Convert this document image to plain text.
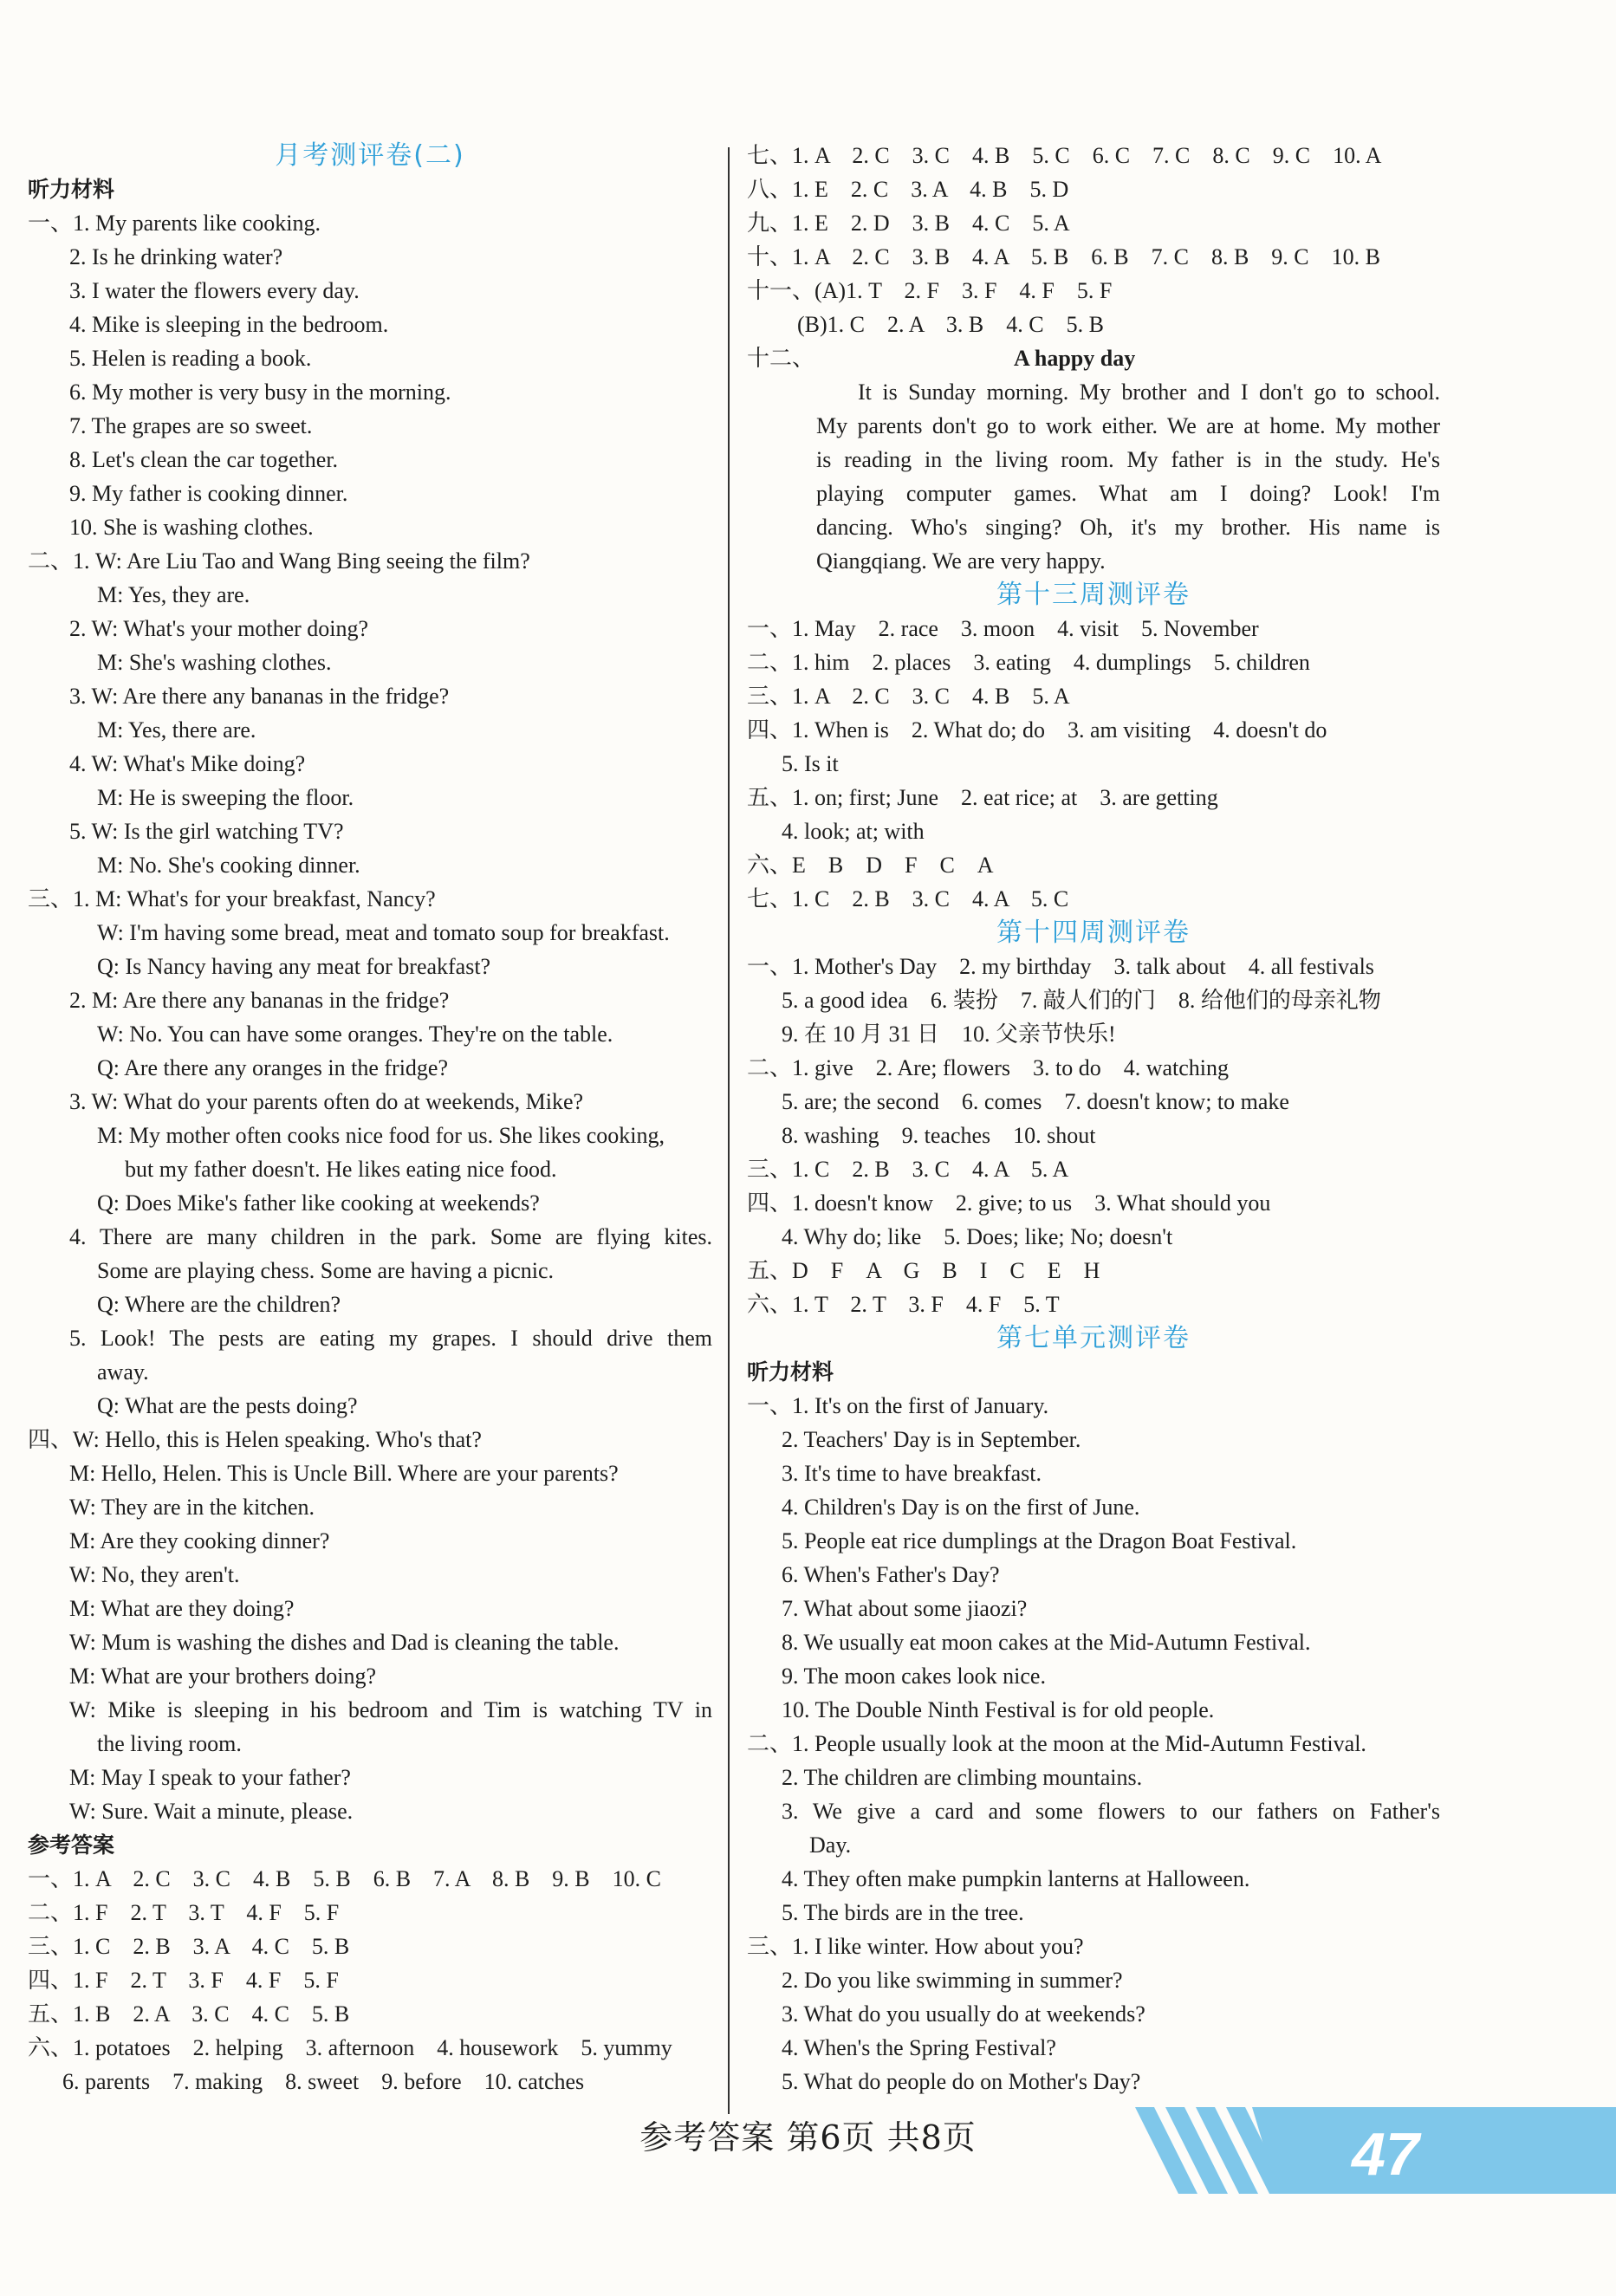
月考测评卷(二)
听力材料
一、1. My parents like cooking.
2. Is he drinking water?
3. I water the flowers every day.
4. Mike is sleeping in the bedroom.
5. Helen is reading a book.
6. My mother is very busy in the morning.
7. The grapes are so sweet.
8. Let's clean the car together.
9. My father is cooking dinner.
10. She is washing clothes.
二、1. W: Are Liu Tao and Wang Bing seeing the film?
M: Yes, they are.
2. W: What's your mother doing?
M: She's washing clothes.
3. W: Are there any bananas in the fridge?
M: Yes, there are.
4. W: What's Mike doing?
M: He is sweeping the floor.
5. W: Is the girl watching TV?
M: No. She's cooking dinner.
三、1. M: What's for your breakfast, Nancy?
W: I'm having some bread, meat and tomato soup for breakfast.
Q: Is Nancy having any meat for breakfast?
2. M: Are there any bananas in the fridge?
W: No. You can have some oranges. They're on the table.
Q: Are there any oranges in the fridge?
3. W: What do your parents often do at weekends, Mike?
M: My mother often cooks nice food for us. She likes cooking,
but my father doesn't. He likes eating nice food.
Q: Does Mike's father like cooking at weekends?
4. There are many children in the park. Some are flying kites.
Some are playing chess. Some are having a picnic.
Q: Where are the children?
5. Look! The pests are eating my grapes. I should drive them
away.
Q: What are the pests doing?
四、W: Hello, this is Helen speaking. Who's that?
M: Hello, Helen. This is Uncle Bill. Where are your parents?
W: They are in the kitchen.
M: Are they cooking dinner?
W: No, they aren't.
M: What are they doing?
W: Mum is washing the dishes and Dad is cleaning the table.
M: What are your brothers doing?
W: Mike is sleeping in his bedroom and Tim is watching TV in
the living room.
M: May I speak to your father?
W: Sure. Wait a minute, please.
参考答案
一、1. A　2. C　3. C　4. B　5. B　6. B　7. A　8. B　9. B　10. C
二、1. F　2. T　3. T　4. F　5. F
三、1. C　2. B　3. A　4. C　5. B
四、1. F　2. T　3. F　4. F　5. F
五、1. B　2. A　3. C　4. C　5. B
六、1. potatoes　2. helping　3. afternoon　4. housework　5. yummy
6. parents　7. making　8. sweet　9. before　10. catches
七、1. A　2. C　3. C　4. B　5. C　6. C　7. C　8. C　9. C　10. A
八、1. E　2. C　3. A　4. B　5. D
九、1. E　2. D　3. B　4. C　5. A
十、1. A　2. C　3. B　4. A　5. B　6. B　7. C　8. B　9. C　10. B
十一、(A)1. T　2. F　3. F　4. F　5. F
(B)1. C　2. A　3. B　4. C　5. B
十二、	A happy day
It is Sunday morning. My brother and I don't go to school.
My parents don't go to work either. We are at home. My mother
is reading in the living room. My father is in the study. He's
playing computer games. What am I doing? Look! I'm
dancing. Who's singing? Oh, it's my brother. His name is
Qiangqiang. We are very happy.
第十三周测评卷
一、1. May　2. race　3. moon　4. visit　5. November
二、1. him　2. places　3. eating　4. dumplings　5. children
三、1. A　2. C　3. C　4. B　5. A
四、1. When is　2. What do; do　3. am visiting　4. doesn't do
5. Is it
五、1. on; first; June　2. eat rice; at　3. are getting
4. look; at; with
六、E　B　D　F　C　A
七、1. C　2. B　3. C　4. A　5. C
第十四周测评卷
一、1. Mother's Day　2. my birthday　3. talk about　4. all festivals
5. a good idea　6. 装扮　7. 敲人们的门　8. 给他们的母亲礼物
9. 在 10 月 31 日　10. 父亲节快乐!
二、1. give　2. Are; flowers　3. to do　4. watching
5. are; the second　6. comes　7. doesn't know; to make
8. washing　9. teaches　10. shout
三、1. C　2. B　3. C　4. A　5. A
四、1. doesn't know　2. give; to us　3. What should you
4. Why do; like　5. Does; like; No; doesn't
五、D　F　A　G　B　I　C　E　H
六、1. T　2. T　3. F　4. F　5. T
第七单元测评卷
听力材料
一、1. It's on the first of January.
2. Teachers' Day is in September.
3. It's time to have breakfast.
4. Children's Day is on the first of June.
5. People eat rice dumplings at the Dragon Boat Festival.
6. When's Father's Day?
7. What about some jiaozi?
8. We usually eat moon cakes at the Mid-Autumn Festival.
9. The moon cakes look nice.
10. The Double Ninth Festival is for old people.
二、1. People usually look at the moon at the Mid-Autumn Festival.
2. The children are climbing mountains.
3. We give a card and some flowers to our fathers on Father's
Day.
4. They often make pumpkin lanterns at Halloween.
5. The birds are in the tree.
三、1. I like winter. How about you?
2. Do you like swimming in summer?
3. What do you usually do at weekends?
4. When's the Spring Festival?
5. What do people do on Mother's Day?
参考答案 第6页 共8页	47
